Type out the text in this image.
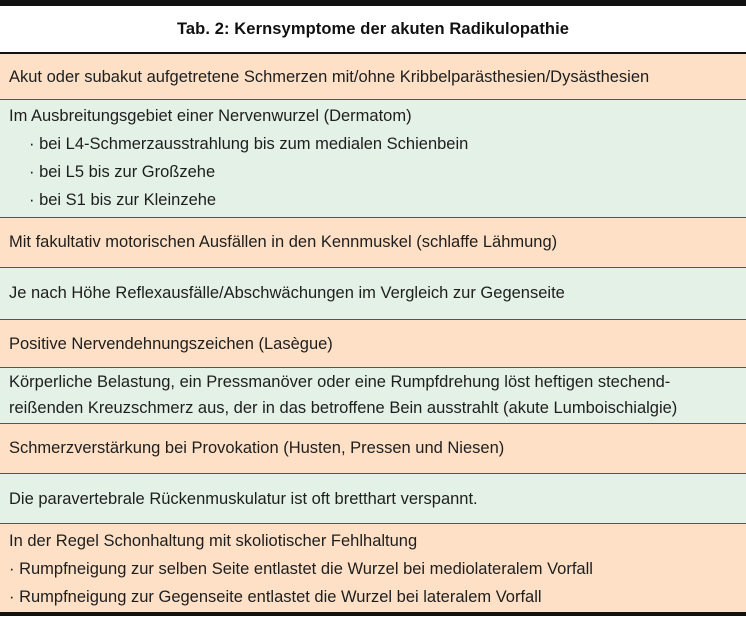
Tab. 2: Kernsymptome der akuten Radikulopathie
Akut oder subakut aufgetretene Schmerzen mit/ohne Kribbelparästhesien/Dysästhesien
Im Ausbreitungsgebiet einer Nervenwurzel (Dermatom)
· bei L4-Schmerzausstrahlung bis zum medialen Schienbein
· bei L5 bis zur Großzehe
· bei S1 bis zur Kleinzehe
Mit fakultativ motorischen Ausfällen in den Kennmuskel (schlaffe Lähmung)
Je nach Höhe Reflexausfälle/Abschwächungen im Vergleich zur Gegenseite
Positive Nervendehnungszeichen (Lasègue)
Körperliche Belastung, ein Pressmanöver oder eine Rumpfdrehung löst heftigen stechend-
reißenden Kreuzschmerz aus, der in das betroffene Bein ausstrahlt (akute Lumboischialgie)
Schmerzverstärkung bei Provokation (Husten, Pressen und Niesen)
Die paravertebrale Rückenmuskulatur ist oft bretthart verspannt.
In der Regel Schonhaltung mit skoliotischer Fehlhaltung
· Rumpfneigung zur selben Seite entlastet die Wurzel bei mediolateralem Vorfall
· Rumpfneigung zur Gegenseite entlastet die Wurzel bei lateralem Vorfall
